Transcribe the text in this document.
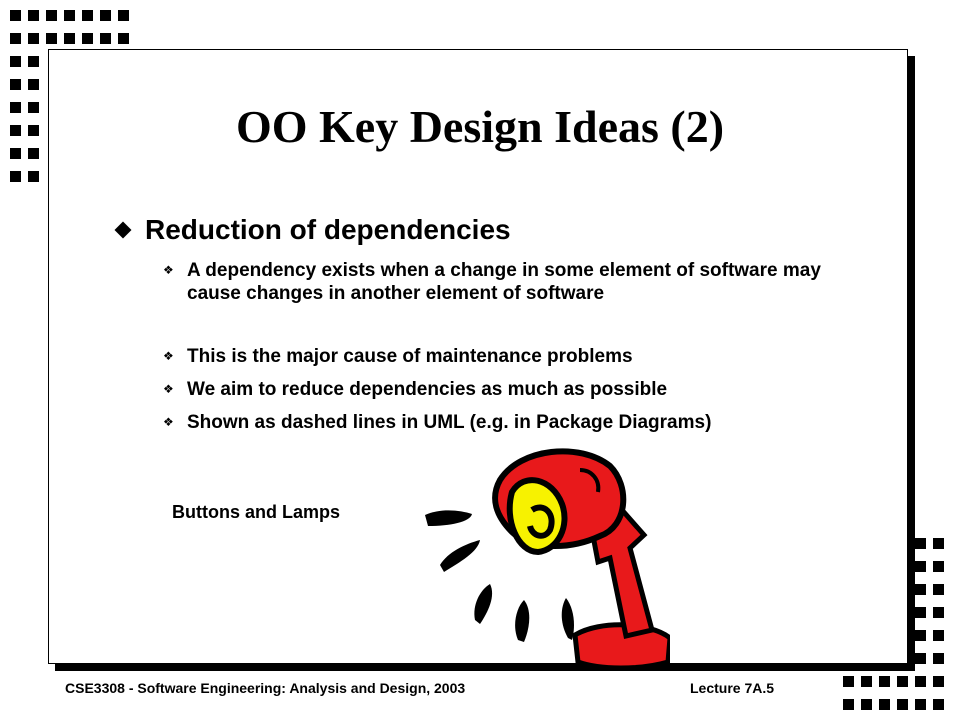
OO Key Design Ideas (2)
Reduction of dependencies
❖ A dependency exists when a change in some element of software may cause changes in another element of software
❖ This is the major cause of maintenance problems
❖ We aim to reduce dependencies as much as possible
❖ Shown as dashed lines in UML (e.g. in Package Diagrams)
Buttons and Lamps
CSE3308 - Software Engineering: Analysis and Design, 2003	Lecture 7A.5
